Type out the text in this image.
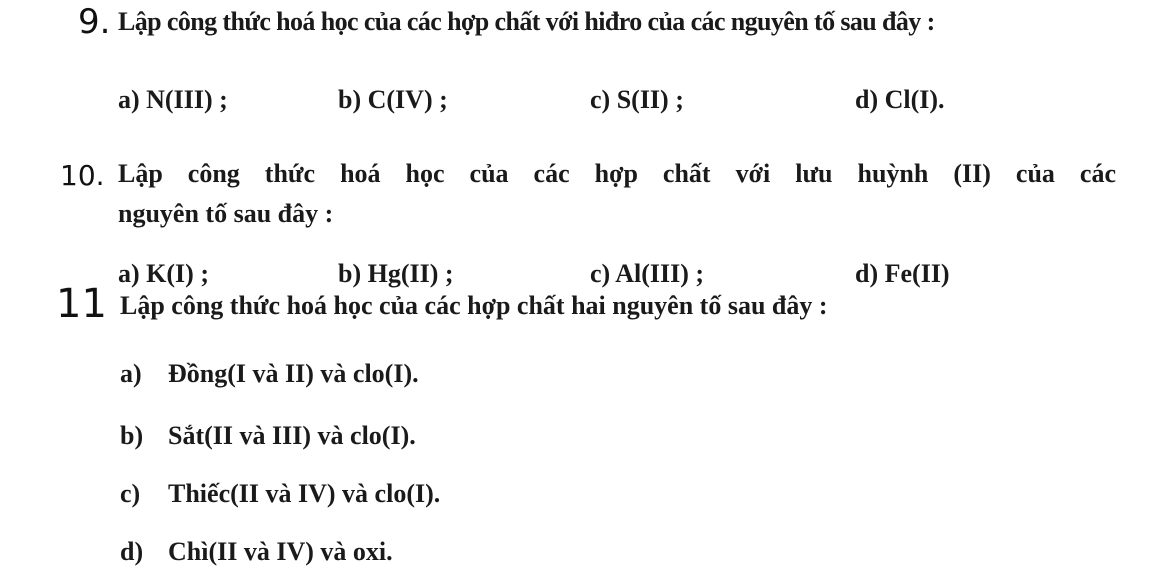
9. Lập công thức hoá học của các hợp chất với hiđro của các nguyên tố sau đây :
a) N(III) ;	b) C(IV) ;	c) S(II) ;	d) Cl(I).
10. Lập công thức hoá học của các hợp chất với lưu huỳnh (II) của các
nguyên tố sau đây :
a) K(I) ;	b) Hg(II) ;	c) Al(III) ;	d) Fe(II)
11 Lập công thức hoá học của các hợp chất hai nguyên tố sau đây :
a) Đồng(I và II) và clo(I).
b) Sắt(II và III) và clo(I).
c) Thiếc(II và IV) và clo(I).
d) Chì(II và IV) và oxi.
